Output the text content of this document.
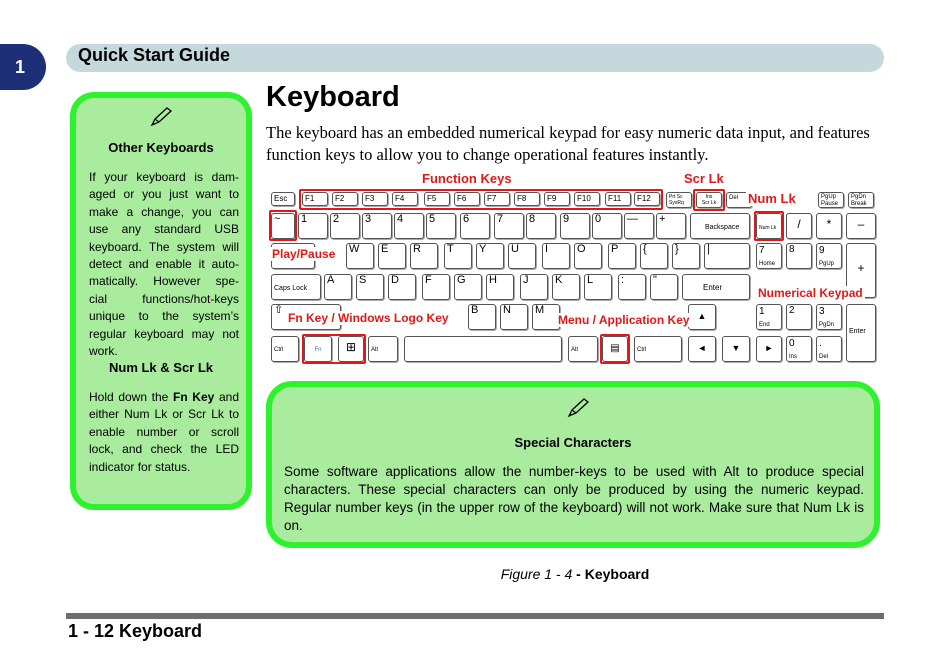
1
Quick Start Guide
Other Keyboards

If your keyboard is dam-
aged or you just want to
make a change, you can
use any standard USB
keyboard. The system will
detect and enable it auto-
matically. However spe-
cial functions/hot-keys
unique to the system’s
regular keyboard may not
work.

Num Lk & Scr Lk

Hold down the Fn Key and either Num Lk or Scr Lk to enable number or scroll lock, and check the LED indicator for status.

Keyboard
The keyboard has an embedded numerical keypad for easy numeric data input, and features function keys to allow you to change operational features instantly.
Esc	F1	F2	F3	F4	F5	F6	F7	F8	F9	F10	F11	F12	Prt Sc SysRq
Ins
Scr Lk
Del	PgUp
Pause
PgDn
Break
~	1	2	3	4	5	6	7	8	9	0	—	+
Backspace	Num Lk	/	*	–
W	E	R	T	Y	U	I	O	P	{	}	|	7
Home
8	9
PgUp	+
Caps Lock
A	S	D	F	G	H	J	K	L	:	"
Enter
⇧	B	N	M	▲	1
End
2	3
PgDn
Enter
Ctrl	Fn	⊞	Alt	Alt	▤	Ctrl	◄	▼	►	0
Ins
.
Del
Function Keys	Scr Lk
Num Lk
Play/Pause
Numerical Keypad
Fn Key / Windows Logo Key	Menu / Application Key
Special Characters

Some software applications allow the number-keys to be used with Alt to produce special characters. These special characters can only be produced by using the numeric keypad. Regular number keys (in the upper row of the keyboard) will not work. Make sure that Num Lk is on.

Figure 1 - 4 - Keyboard
1 - 12 Keyboard
